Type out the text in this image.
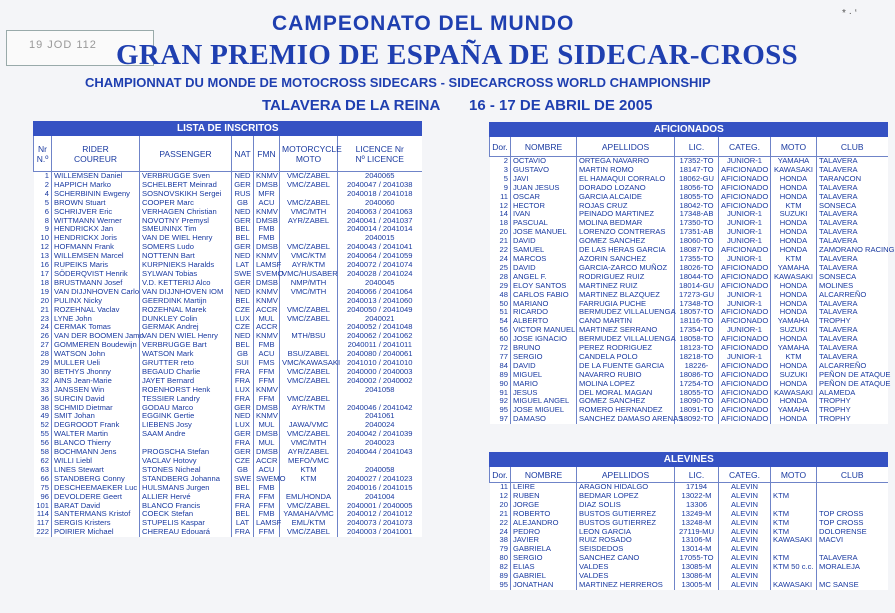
19 JOD 112
* · ‘
CAMPEONATO DEL MUNDO
GRAN PREMIO DE ESPAÑA DE SIDECAR-CROSS
CHAMPIONNAT DU MONDE DE MOTOCROSS SIDECARS - SIDECARCROSS WORLD CHAMPIONSHIP
TALAVERA DE LA REINA 16 - 17 DE ABRIL DE 2005
LISTA DE INSCRITOS						
Nr N.º	RIDER COUREUR	PASSENGER	NAT	FMN	MOTORCYCLE MOTO	LICENCE Nr Nº LICENCE
1	WILLEMSEN Daniel	VERBRUGGE Sven	NED	KNMV	VMC/ZABEL	2040065
2	HAPPICH Marko	SCHELBERT Meinrad	GER	DMSB	VMC/ZABEL	2040047 / 2041038
4	SCHERBININ Ewgeny	SOSNOVSKIKH Sergei	RUS	MFR		2040018 / 2041018
5	BROWN Stuart	COOPER Marc	GB	ACU	VMC/ZABEL	2040060
6	SCHRIJVER Eric	VERHAGEN Christian	NED	KNMV	VMC/MTH	2040063 / 2041063
8	WITTMANN Werner	NOVOTNY Premysl	GER	DMSB	AYR/ZABEL	2040041 / 2041037
9	HENDRICKX Jan	SMEUNINX Tim	BEL	FMB		2040014 / 2041014
10	HENDRICKX Joris	VAN DE WIEL Henry	BEL	FMB		2040015
12	HOFMANN Frank	SOMERS Ludo	GER	DMSB	VMC/ZABEL	2040043 / 2041041
13	WILLEMSEN Marcel	NOTTENN Bart	NED	KNMV	VMC/KTM	2040064 / 2041059
16	RUPEIKS Maris	KURPNIEKS Haralds	LAT	LAMSF	AYR/KTM	2040072 / 2041074
17	SÖDERQVIST Henrik	SYLWAN Tobias	SWE	SVEMO	VMC/HUSABER	2040028 / 2041024
18	BRUSTMANN Josef	V.D. KETTERIJ Alco	GER	DMSB	NMP/MTH	2040045
19	VAN DIJJNHOVEN Carlo	VAN DIJJNHOVEN IOM	NED	KNMV	VMC/MTH	2040066 / 2041064
20	PULINX Nicky	GEERDINK Martijn	BEL	KNMV		2040013 / 2041060
21	ROZEHNAL Vaclav	ROZEHNAL Marek	CZE	ACCR	VMC/ZABEL	2040050 / 2041049
23	LYNE John	DUNKLEY Colin	LUX	MUL	VMC/ZABEL	2040021
24	CERMAK Tomas	GERMAK Andrej	CZE	ACCR		2040052 / 2041048
26	VAN DER BOOMEN Jamo	VAN DEN WIEL Henry	NED	KNMV	MTH/BSU	2040062 / 2041062
27	GOMMEREN Boudewijn	VERBRUGGE Bart	BEL	FMB		2040011 / 2041011
28	WATSON John	WATSON Mark	GB	ACU	BSU/ZABEL	2040080 / 2040061
29	MULLER Ueli	GRUTTER reto	SUI	FMS	VMC/KAWASAKI	2041010 / 2041010
30	BETHYS Jhonny	BEGAUD Charlie	FRA	FFM	VMC/ZABEL	2040000 / 2040003
32	AINS Jean-Marie	JAYET Bernard	FRA	FFM	VMC/ZABEL	2040002 / 2040002
33	JANSSEN Win	ROENHORST Henk	LUX	KNMV		2041058
36	SURCIN David	TESSIER Landry	FRA	FFM	VMC/ZABEL	
38	SCHMID Dietmar	GODAU Marco	GER	DMSB	AYR/KTM	2040046 / 2041042
49	SMIT Johan	EGGINK Gertie	NED	KNMV		2041061
52	DEGROODT Frank	LIEBENS Josy	LUX	MUL	JAWA/VMC	2040024
55	WALTER Martin	SAAM Andre	GER	DMSB	VMC/ZABEL	2040042 / 2041039
56	BLANCO Thierry		FRA	MUL	VMC/MTH	2040023
58	BOCHMANN Jens	PROGSCHA Stefan	GER	DMSB	AYR/ZABEL	2040044 / 2041043
62	WILLI Liebl	VACLAV Hotovy	CZE	ACCR	MEFO/VMC	
63	LINES Stewart	STONES Nicheal	GB	ACU	KTM	2040058
66	STANDBERG Conny	STANDBERG Johanna	SWE	SWEMO	KTM	2040027 / 2041023
75	DESCHEEMAEKER Luc	HULSMANS Jurgen	BEL	FMB		2040016 / 2041015
96	DEVOLDERE Geert	ALLIER Hervé	FRA	FFM	EML/HONDA	2041004
101	BARAT David	BLANCO Francis	FRA	FFM	VMC/ZABEL	2040001 / 2040005
114	SANTERMANS Kristof	COECK Stefan	BEL	FMB	YAMAHA/VMC	2040012 / 2041012
117	SERGIS Kristers	STUPELIS Kaspar	LAT	LAMSF	EML/KTM	2040073 / 2041073
222	POIRIER Michael	CHEREAU Edouará	FRA	FFM	VMC/ZABEL	2040003 / 2041001
AFICIONADOS						
Dor.	NOMBRE	APELLIDOS	LIC.	CATEG.	MOTO	CLUB
2	OCTAVIO	ORTEGA NAVARRO	17352-TO	JUNIOR-1	YAMAHA	TALAVERA
3	GUSTAVO	MARTIN ROMO	18147-TO	AFICIONADO	KAWASAKI	TALAVERA
5	JAVI	EL HAMAQUI CORRALO	18062-GU	AFICIONADO	HONDA	TARANCON
9	JUAN JESUS	DORADO LOZANO	18056-TO	AFICIONADO	HONDA	TALAVERA
11	OSCAR	GARCIA ALCAIDE	18055-TO	AFICIONADO	HONDA	TALAVERA
12	HECTOR	ROJAS CRUZ	18042-TO	AFICIONADO	KTM	SONSECA
14	IVAN	PEINADO MARTINEZ	17348-AB	JUNIOR-1	SUZUKI	TALAVERA
18	PASCUAL	MOLINA BEDMAR	17350-TO	JUNIOR-1	HONDA	TALAVERA
20	JOSE MANUEL	LORENZO CONTRERAS	17351-AB	JUNIOR-1	HONDA	TALAVERA
21	DAVID	GOMEZ SANCHEZ	18060-TO	JUNIOR-1	HONDA	TALAVERA
22	SAMUEL	DE LAS HERAS GARCIA	18087-TO	AFICIONADO	HONDA	ZAMORANO RACING
24	MARCOS	AZORIN SANCHEZ	17355-TO	JUNIOR-1	KTM	TALAVERA
25	DAVID	GARCIA-ZARCO MUÑOZ	18026-TO	AFICIONADO	YAMAHA	TALAVERA
28	ANGEL F.	RODRIGUEZ RUIZ	18044-TO	AFICIONADO	KAWASAKI	SONSECA
29	ELOY SANTOS	MARTINEZ RUIZ	18014-GU	AFICIONADO	HONDA	MOLINES
48	CARLOS FABIO	MARTINEZ BLAZQUEZ	17273-GU	JUNIOR-1	HONDA	ALCARREÑO
50	MARIANO	FARRUGIA PUCHE	17348-TO	JUNIOR-1	HONDA	TALAVERA
51	RICARDO	BERMUDEZ VILLALUENGA	18057-TO	AFICIONADO	HONDA	TALAVERA
54	ALBERTO	CANO MARTIN	18116-TO	AFICIONADO	YAMAHA	TROPHY
56	VICTOR MANUEL	MARTINEZ SERRANO	17354-TO	JUNIOR-1	SUZUKI	TALAVERA
60	JOSE IGNACIO	BERMUDEZ VILLALUENGA	18058-TO	AFICIONADO	HONDA	TALAVERA
72	BRUNO	PEREZ RODRIGUEZ	18123-TO	AFICIONADO	YAMAHA	TALAVERA
77	SERGIO	CANDELA POLO	18218-TO	JUNIOR-1	KTM	TALAVERA
84	DAVID	DE LA FUENTE GARCIA	18226-	AFICIONADO	HONDA	ALCARREÑO
89	MIGUEL	NAVARRO RUBIO	18086-TO	AFICIONADO	SUZUKI	PEÑON DE ATAQUE
90	MARIO	MOLINA LOPEZ	17254-TO	AFICIONADO	HONDA	PEÑON DE ATAQUE
91	JESUS	DEL MORAL MAGAN	18055-TO	AFICIONADO	KAWASAKI	ALAMEDA
92	MIGUEL ANGEL	GOMEZ SANCHEZ	18090-TO	AFICIONADO	HONDA	TROPHY
95	JOSE MIGUEL	ROMERO HERNANDEZ	18091-TO	AFICIONADO	YAMAHA	TROPHY
97	DAMASO	SANCHEZ DAMASO ARENAS	18092-TO	AFICIONADO	HONDA	TROPHY
ALEVINES						
Dor.	NOMBRE	APELLIDOS	LIC.	CATEG.	MOTO	CLUB
11	LEIRE	ARAGON HIDALGO	17194	ALEVIN		
12	RUBEN	BEDMAR LOPEZ	13022-M	ALEVIN	KTM	
20	JORGE	DIAZ SOLIS	13306	ALEVIN		
21	ROBERTO	BUSTOS GUTIERREZ	13249-M	ALEVIN	KTM	TOP CROSS
22	ALEJANDRO	BUSTOS GUTIERREZ	13248-M	ALEVIN	KTM	TOP CROSS
24	PEDRO	LEON GARCIA	27119-MU	ALEVIN	KTM	DOLORENSE
38	JAVIER	RUIZ ROSADO	13106-M	ALEVIN	KAWASAKI	MACVI
79	GABRIELA	SEISDEDOS	13014-M	ALEVIN		
80	SERGIO	SANCHEZ CANO	17055-TO	ALEVIN	KTM	TALAVERA
82	ELIAS	VALDES	13085-M	ALEVIN	KTM 50 c.c.	MORALEJA
89	GABRIEL	VALDES	13086-M	ALEVIN		
95	JONATHAN	MARTINEZ HERREROS	13005-M	ALEVIN	KAWASAKI	MC SANSE
